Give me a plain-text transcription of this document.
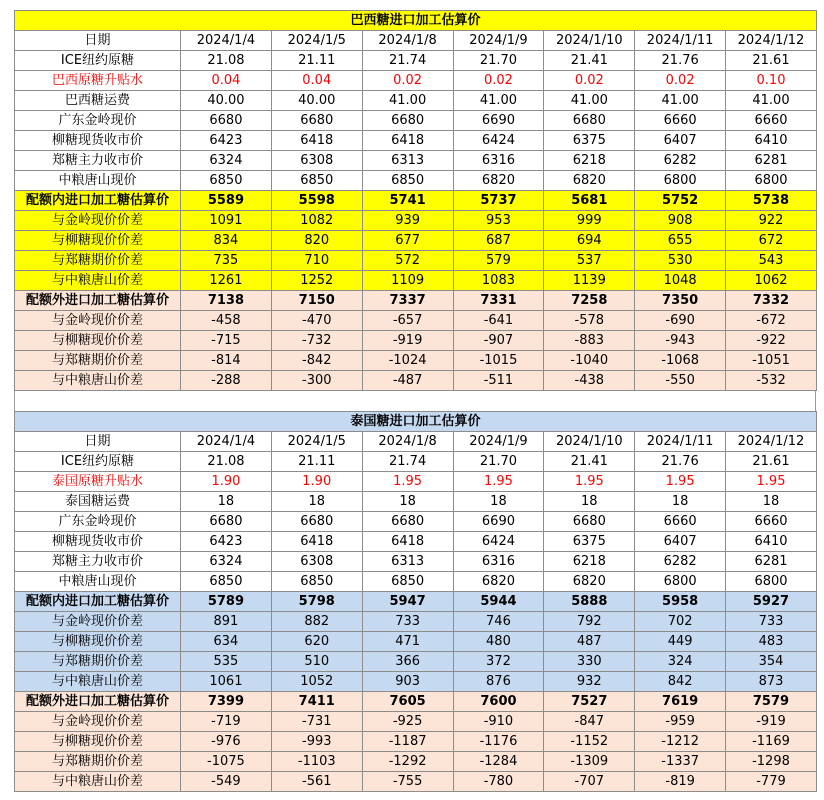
巴西糖进口加工估算价							
日期	2024/1/4	2024/1/5	2024/1/8	2024/1/9	2024/1/10	2024/1/11	2024/1/12
ICE纽约原糖	21.08	21.11	21.74	21.70	21.41	21.76	21.61
巴西原糖升贴水	0.04	0.04	0.02	0.02	0.02	0.02	0.10
巴西糖运费	40.00	40.00	41.00	41.00	41.00	41.00	41.00
广东金岭现价	6680	6680	6680	6690	6680	6660	6660
柳糖现货收市价	6423	6418	6418	6424	6375	6407	6410
郑糖主力收市价	6324	6308	6313	6316	6218	6282	6281
中粮唐山现价	6850	6850	6850	6820	6820	6800	6800
配额内进口加工糖估算价	5589	5598	5741	5737	5681	5752	5738
与金岭现价价差	1091	1082	939	953	999	908	922
与柳糖现价价差	834	820	677	687	694	655	672
与郑糖期价价差	735	710	572	579	537	530	543
与中粮唐山价差	1261	1252	1109	1083	1139	1048	1062
配额外进口加工糖估算价	7138	7150	7337	7331	7258	7350	7332
与金岭现价价差	-458	-470	-657	-641	-578	-690	-672
与柳糖现价价差	-715	-732	-919	-907	-883	-943	-922
与郑糖期价价差	-814	-842	-1024	-1015	-1040	-1068	-1051
与中粮唐山价差	-288	-300	-487	-511	-438	-550	-532
泰国糖进口加工估算价							
日期	2024/1/4	2024/1/5	2024/1/8	2024/1/9	2024/1/10	2024/1/11	2024/1/12
ICE纽约原糖	21.08	21.11	21.74	21.70	21.41	21.76	21.61
泰国原糖升贴水	1.90	1.90	1.95	1.95	1.95	1.95	1.95
泰国糖运费	18	18	18	18	18	18	18
广东金岭现价	6680	6680	6680	6690	6680	6660	6660
柳糖现货收市价	6423	6418	6418	6424	6375	6407	6410
郑糖主力收市价	6324	6308	6313	6316	6218	6282	6281
中粮唐山现价	6850	6850	6850	6820	6820	6800	6800
配额内进口加工糖估算价	5789	5798	5947	5944	5888	5958	5927
与金岭现价价差	891	882	733	746	792	702	733
与柳糖现价价差	634	620	471	480	487	449	483
与郑糖期价价差	535	510	366	372	330	324	354
与中粮唐山价差	1061	1052	903	876	932	842	873
配额外进口加工糖估算价	7399	7411	7605	7600	7527	7619	7579
与金岭现价价差	-719	-731	-925	-910	-847	-959	-919
与柳糖现价价差	-976	-993	-1187	-1176	-1152	-1212	-1169
与郑糖期价价差	-1075	-1103	-1292	-1284	-1309	-1337	-1298
与中粮唐山价差	-549	-561	-755	-780	-707	-819	-779
